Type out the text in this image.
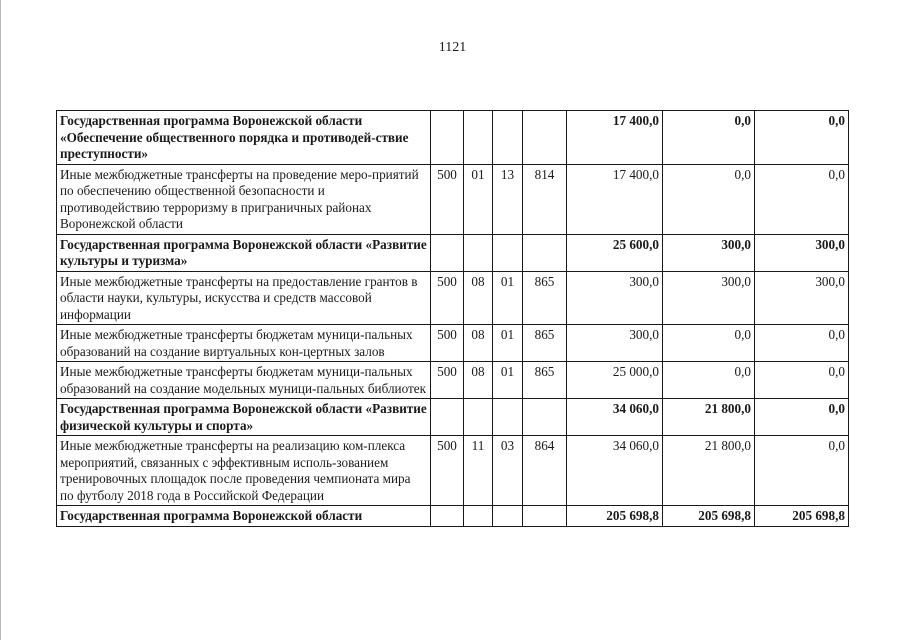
1121
Государственная программа Воронежской области «Обеспечение общественного порядка и противодей-ствие преступности»					17 400,0	0,0	0,0
Иные межбюджетные трансферты на проведение меро-приятий по обеспечению общественной безопасности и противодействию терроризму в приграничных районах Воронежской области	500	01	13	814	17 400,0	0,0	0,0
Государственная программа Воронежской области «Развитие культуры и туризма»					25 600,0	300,0	300,0
Иные межбюджетные трансферты на предоставление грантов в области науки, культуры, искусства и средств массовой информации	500	08	01	865	300,0	300,0	300,0
Иные межбюджетные трансферты бюджетам муници-пальных образований на создание виртуальных кон-цертных залов	500	08	01	865	300,0	0,0	0,0
Иные межбюджетные трансферты бюджетам муници-пальных образований на создание модельных муници-пальных библиотек	500	08	01	865	25 000,0	0,0	0,0
Государственная программа Воронежской области «Развитие физической культуры и спорта»					34 060,0	21 800,0	0,0
Иные межбюджетные трансферты на реализацию ком-плекса мероприятий, связанных с эффективным исполь-зованием тренировочных площадок после проведения чемпионата мира по футболу 2018 года в Российской Федерации	500	11	03	864	34 060,0	21 800,0	0,0
Государственная программа Воронежской области					205 698,8	205 698,8	205 698,8
